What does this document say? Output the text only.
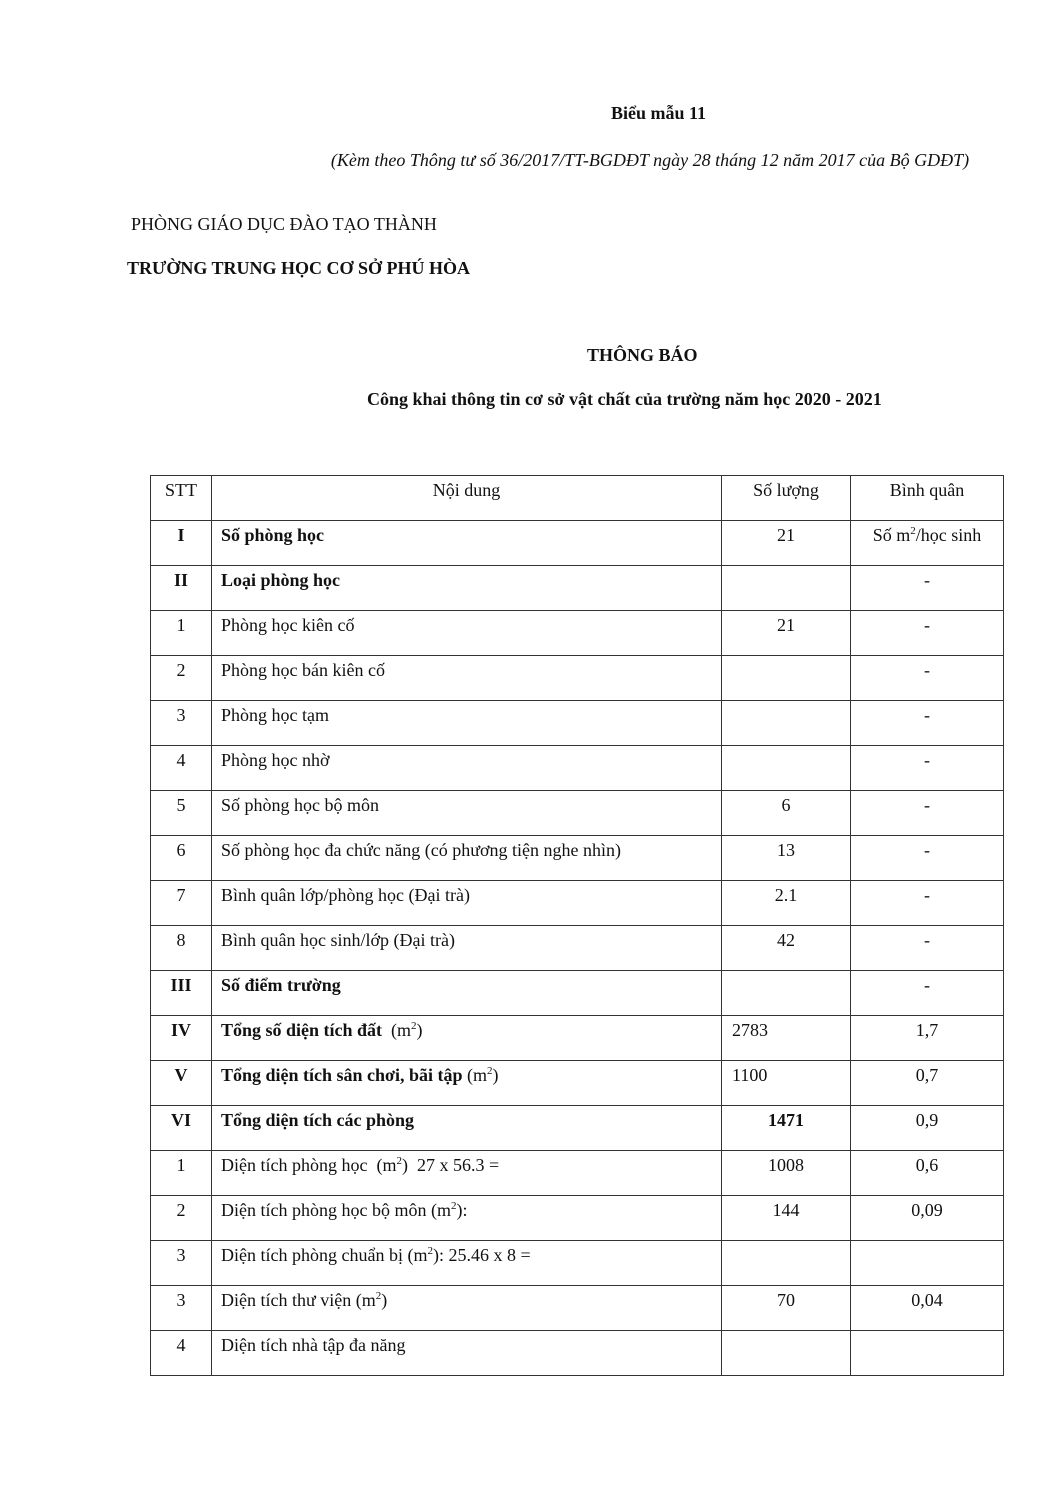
Biểu mẫu 11
(Kèm theo Thông tư số 36/2017/TT-BGDĐT ngày 28 tháng 12 năm 2017 của Bộ GDĐT)
PHÒNG GIÁO DỤC ĐÀO TẠO THÀNH
TRƯỜNG TRUNG HỌC CƠ SỞ PHÚ HÒA
THÔNG BÁO
Công khai thông tin cơ sở vật chất của trường năm học 2020 - 2021
STT	Nội dung	Số lượng	Bình quân

I	Số phòng học	21	Số $m^2$/học sinh

II	Loại phòng học		-

1	Phòng học kiên cố	21	-

2	Phòng học bán kiên cố		-

3	Phòng học tạm		-

4	Phòng học nhờ		-

5	Số phòng học bộ môn	6	-

6	Số phòng học đa chức năng (có phương tiện nghe nhìn)	13	-

7	Bình quân lớp/phòng học (Đại trà)	2.1	-

8	Bình quân học sinh/lớp (Đại trà)	42	-

III	Số điểm trường		-

IV	Tổng số diện tích đất  $(m^2)$	2783	1,7

V	Tổng diện tích sân chơi, bãi tập $(m^2)$	1100	0,7

VI	Tổng diện tích các phòng	1471	0,9

1	Diện tích phòng học  $(m^2)$  27 x 56.3 =	1008	0,6

2	Diện tích phòng học bộ môn $(m^2)$:	144	0,09

3	Diện tích phòng chuẩn bị $(m^2)$: 25.46 x 8 =		

3	Diện tích thư viện $(m^2)$	70	0,04

4	Diện tích nhà tập đa năng		
